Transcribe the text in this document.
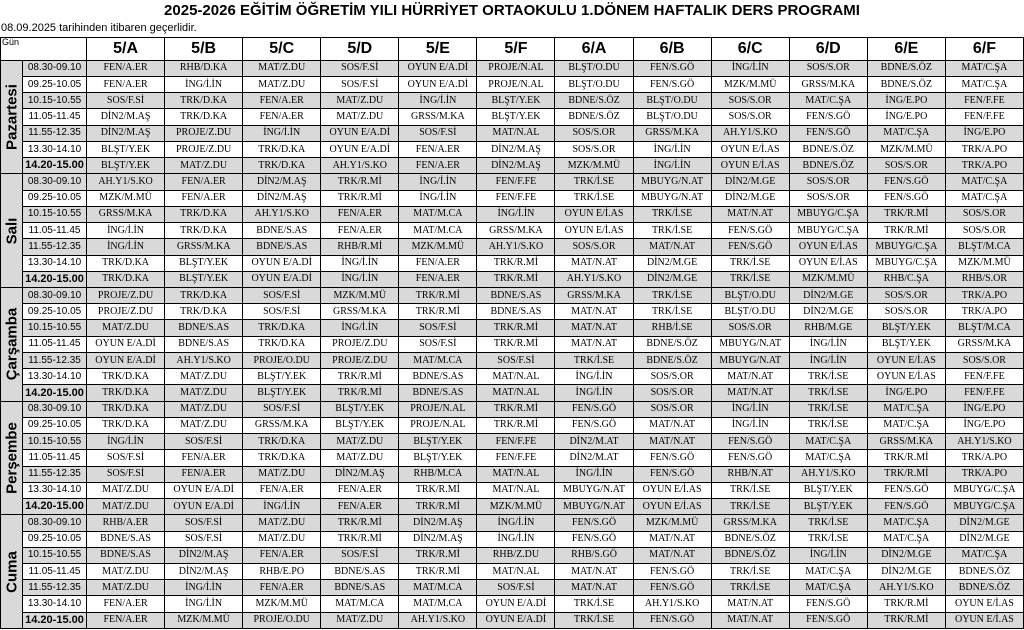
2025-2026 EĞİTİM ÖĞRETİM YILI HÜRRİYET ORTAOKULU 1.DÖNEM HAFTALIK DERS PROGRAMI
08.09.2025 tarihinden itibaren geçerlidir.
Gün		5/A	5/B	5/C	5/D	5/E	5/F	6/A	6/B	6/C	6/D	6/E	6/F

Pazartesi	08.30-09.10	FEN/A.ER	RHB/D.KA	MAT/Z.DU	SOS/F.Sİ	OYUN E/A.Dİ	PROJE/N.AL	BLŞT/O.DU	FEN/S.GÖ	İNG/İ.İN	SOS/S.OR	BDNE/S.ÖZ	MAT/C.ŞA
	09.25-10.05	FEN/A.ER	İNG/İ.İN	MAT/Z.DU	SOS/F.Sİ	OYUN E/A.Dİ	PROJE/N.AL	BLŞT/O.DU	FEN/S.GÖ	MZK/M.MÜ	GRSS/M.KA	BDNE/S.ÖZ	MAT/C.ŞA
	10.15-10.55	SOS/F.Sİ	TRK/D.KA	FEN/A.ER	MAT/Z.DU	İNG/İ.İN	BLŞT/Y.EK	BDNE/S.ÖZ	BLŞT/O.DU	SOS/S.OR	MAT/C.ŞA	İNG/E.PO	FEN/F.FE
	11.05-11.45	DİN2/M.AŞ	TRK/D.KA	FEN/A.ER	MAT/Z.DU	GRSS/M.KA	BLŞT/Y.EK	BDNE/S.ÖZ	BLŞT/O.DU	SOS/S.OR	FEN/S.GÖ	İNG/E.PO	FEN/F.FE
	11.55-12.35	DİN2/M.AŞ	PROJE/Z.DU	İNG/İ.İN	OYUN E/A.Dİ	SOS/F.Sİ	MAT/N.AL	SOS/S.OR	GRSS/M.KA	AH.Y1/S.KO	FEN/S.GÖ	MAT/C.ŞA	İNG/E.PO
	13.30-14.10	BLŞT/Y.EK	PROJE/Z.DU	TRK/D.KA	OYUN E/A.Dİ	FEN/A.ER	DİN2/M.AŞ	SOS/S.OR	İNG/İ.İN	OYUN E/İ.AS	BDNE/S.ÖZ	MZK/M.MÜ	TRK/A.PO
	14.20-15.00	BLŞT/Y.EK	MAT/Z.DU	TRK/D.KA	AH.Y1/S.KO	FEN/A.ER	DİN2/M.AŞ	MZK/M.MÜ	İNG/İ.İN	OYUN E/İ.AS	BDNE/S.ÖZ	SOS/S.OR	TRK/A.PO

Salı	08.30-09.10	AH.Y1/S.KO	FEN/A.ER	DİN2/M.AŞ	TRK/R.Mİ	İNG/İ.İN	FEN/F.FE	TRK/İ.SE	MBUYG/N.AT	DİN2/M.GE	SOS/S.OR	FEN/S.GÖ	MAT/C.ŞA
	09.25-10.05	MZK/M.MÜ	FEN/A.ER	DİN2/M.AŞ	TRK/R.Mİ	İNG/İ.İN	FEN/F.FE	TRK/İ.SE	MBUYG/N.AT	DİN2/M.GE	SOS/S.OR	FEN/S.GÖ	MAT/C.ŞA
	10.15-10.55	GRSS/M.KA	TRK/D.KA	AH.Y1/S.KO	FEN/A.ER	MAT/M.CA	İNG/İ.İN	OYUN E/İ.AS	TRK/İ.SE	MAT/N.AT	MBUYG/C.ŞA	TRK/R.Mİ	SOS/S.OR
	11.05-11.45	İNG/İ.İN	TRK/D.KA	BDNE/S.AS	FEN/A.ER	MAT/M.CA	GRSS/M.KA	OYUN E/İ.AS	TRK/İ.SE	FEN/S.GÖ	MBUYG/C.ŞA	TRK/R.Mİ	SOS/S.OR
	11.55-12.35	İNG/İ.İN	GRSS/M.KA	BDNE/S.AS	RHB/R.Mİ	MZK/M.MÜ	AH.Y1/S.KO	SOS/S.OR	MAT/N.AT	FEN/S.GÖ	OYUN E/İ.AS	MBUYG/C.ŞA	BLŞT/M.CA
	13.30-14.10	TRK/D.KA	BLŞT/Y.EK	OYUN E/A.Dİ	İNG/İ.İN	FEN/A.ER	TRK/R.Mİ	MAT/N.AT	DİN2/M.GE	TRK/İ.SE	OYUN E/İ.AS	MBUYG/C.ŞA	MZK/M.MÜ
	14.20-15.00	TRK/D.KA	BLŞT/Y.EK	OYUN E/A.Dİ	İNG/İ.İN	FEN/A.ER	TRK/R.Mİ	AH.Y1/S.KO	DİN2/M.GE	TRK/İ.SE	MZK/M.MÜ	RHB/C.ŞA	RHB/S.OR

Çarşamba	08.30-09.10	PROJE/Z.DU	TRK/D.KA	SOS/F.Sİ	MZK/M.MÜ	TRK/R.Mİ	BDNE/S.AS	GRSS/M.KA	TRK/İ.SE	BLŞT/O.DU	DİN2/M.GE	SOS/S.OR	TRK/A.PO
	09.25-10.05	PROJE/Z.DU	TRK/D.KA	SOS/F.Sİ	GRSS/M.KA	TRK/R.Mİ	BDNE/S.AS	MAT/N.AT	TRK/İ.SE	BLŞT/O.DU	DİN2/M.GE	SOS/S.OR	TRK/A.PO
	10.15-10.55	MAT/Z.DU	BDNE/S.AS	TRK/D.KA	İNG/İ.İN	SOS/F.Sİ	TRK/R.Mİ	MAT/N.AT	RHB/İ.SE	SOS/S.OR	RHB/M.GE	BLŞT/Y.EK	BLŞT/M.CA
	11.05-11.45	OYUN E/A.Dİ	BDNE/S.AS	TRK/D.KA	PROJE/Z.DU	SOS/F.Sİ	TRK/R.Mİ	MAT/N.AT	BDNE/S.ÖZ	MBUYG/N.AT	İNG/İ.İN	BLŞT/Y.EK	GRSS/M.KA
	11.55-12.35	OYUN E/A.Dİ	AH.Y1/S.KO	PROJE/O.DU	PROJE/Z.DU	MAT/M.CA	SOS/F.Sİ	TRK/İ.SE	BDNE/S.ÖZ	MBUYG/N.AT	İNG/İ.İN	OYUN E/İ.AS	SOS/S.OR
	13.30-14.10	TRK/D.KA	MAT/Z.DU	BLŞT/Y.EK	TRK/R.Mİ	BDNE/S.AS	MAT/N.AL	İNG/İ.İN	SOS/S.OR	MAT/N.AT	TRK/İ.SE	OYUN E/İ.AS	FEN/F.FE
	14.20-15.00	TRK/D.KA	MAT/Z.DU	BLŞT/Y.EK	TRK/R.Mİ	BDNE/S.AS	MAT/N.AL	İNG/İ.İN	SOS/S.OR	MAT/N.AT	TRK/İ.SE	İNG/E.PO	FEN/F.FE

Perşembe	08.30-09.10	TRK/D.KA	MAT/Z.DU	SOS/F.Sİ	BLŞT/Y.EK	PROJE/N.AL	TRK/R.Mİ	FEN/S.GÖ	SOS/S.OR	İNG/İ.İN	TRK/İ.SE	MAT/C.ŞA	İNG/E.PO
	09.25-10.05	TRK/D.KA	MAT/Z.DU	GRSS/M.KA	BLŞT/Y.EK	PROJE/N.AL	TRK/R.Mİ	FEN/S.GÖ	MAT/N.AT	İNG/İ.İN	TRK/İ.SE	MAT/C.ŞA	İNG/E.PO
	10.15-10.55	İNG/İ.İN	SOS/F.Sİ	TRK/D.KA	MAT/Z.DU	BLŞT/Y.EK	FEN/F.FE	DİN2/M.AT	MAT/N.AT	FEN/S.GÖ	MAT/C.ŞA	GRSS/M.KA	AH.Y1/S.KO
	11.05-11.45	SOS/F.Sİ	FEN/A.ER	TRK/D.KA	MAT/Z.DU	BLŞT/Y.EK	FEN/F.FE	DİN2/M.AT	FEN/S.GÖ	FEN/S.GÖ	MAT/C.ŞA	TRK/R.Mİ	TRK/A.PO
	11.55-12.35	SOS/F.Sİ	FEN/A.ER	MAT/Z.DU	DİN2/M.AŞ	RHB/M.CA	MAT/N.AL	İNG/İ.İN	FEN/S.GÖ	RHB/N.AT	AH.Y1/S.KO	TRK/R.Mİ	TRK/A.PO
	13.30-14.10	MAT/Z.DU	OYUN E/A.Dİ	FEN/A.ER	FEN/A.ER	TRK/R.Mİ	MAT/N.AL	MBUYG/N.AT	OYUN E/İ.AS	TRK/İ.SE	BLŞT/Y.EK	FEN/S.GÖ	MBUYG/C.ŞA
	14.20-15.00	MAT/Z.DU	OYUN E/A.Dİ	İNG/İ.İN	FEN/A.ER	TRK/R.Mİ	MZK/M.MÜ	MBUYG/N.AT	OYUN E/İ.AS	TRK/İ.SE	BLŞT/Y.EK	FEN/S.GÖ	MBUYG/C.ŞA

Cuma	08.30-09.10	RHB/A.ER	SOS/F.Sİ	MAT/Z.DU	TRK/R.Mİ	DİN2/M.AŞ	İNG/İ.İN	FEN/S.GÖ	MZK/M.MÜ	GRSS/M.KA	TRK/İ.SE	MAT/C.ŞA	DİN2/M.GE
	09.25-10.05	BDNE/S.AS	SOS/F.Sİ	MAT/Z.DU	TRK/R.Mİ	DİN2/M.AŞ	İNG/İ.İN	FEN/S.GÖ	MAT/N.AT	BDNE/S.ÖZ	TRK/İ.SE	MAT/C.ŞA	DİN2/M.GE
	10.15-10.55	BDNE/S.AS	DİN2/M.AŞ	FEN/A.ER	SOS/F.Sİ	TRK/R.Mİ	RHB/Z.DU	RHB/S.GÖ	MAT/N.AT	BDNE/S.ÖZ	İNG/İ.İN	DİN2/M.GE	MAT/C.ŞA
	11.05-11.45	MAT/Z.DU	DİN2/M.AŞ	RHB/E.PO	BDNE/S.AS	TRK/R.Mİ	MAT/N.AL	MAT/N.AT	FEN/S.GÖ	TRK/İ.SE	MAT/C.ŞA	DİN2/M.GE	BDNE/S.ÖZ
	11.55-12.35	MAT/Z.DU	İNG/İ.İN	FEN/A.ER	BDNE/S.AS	MAT/M.CA	SOS/F.Sİ	MAT/N.AT	FEN/S.GÖ	TRK/İ.SE	MAT/C.ŞA	AH.Y1/S.KO	BDNE/S.ÖZ
	13.30-14.10	FEN/A.ER	İNG/İ.İN	MZK/M.MÜ	MAT/M.CA	MAT/M.CA	OYUN E/A.Dİ	TRK/İ.SE	AH.Y1/S.KO	MAT/N.AT	FEN/S.GÖ	TRK/R.Mİ	OYUN E/İ.AS
	14.20-15.00	FEN/A.ER	MZK/M.MÜ	PROJE/O.DU	MAT/Z.DU	AH.Y1/S.KO	OYUN E/A.Dİ	TRK/İ.SE	FEN/S.GÖ	MAT/N.AT	FEN/S.GÖ	TRK/R.Mİ	OYUN E/İ.AS
